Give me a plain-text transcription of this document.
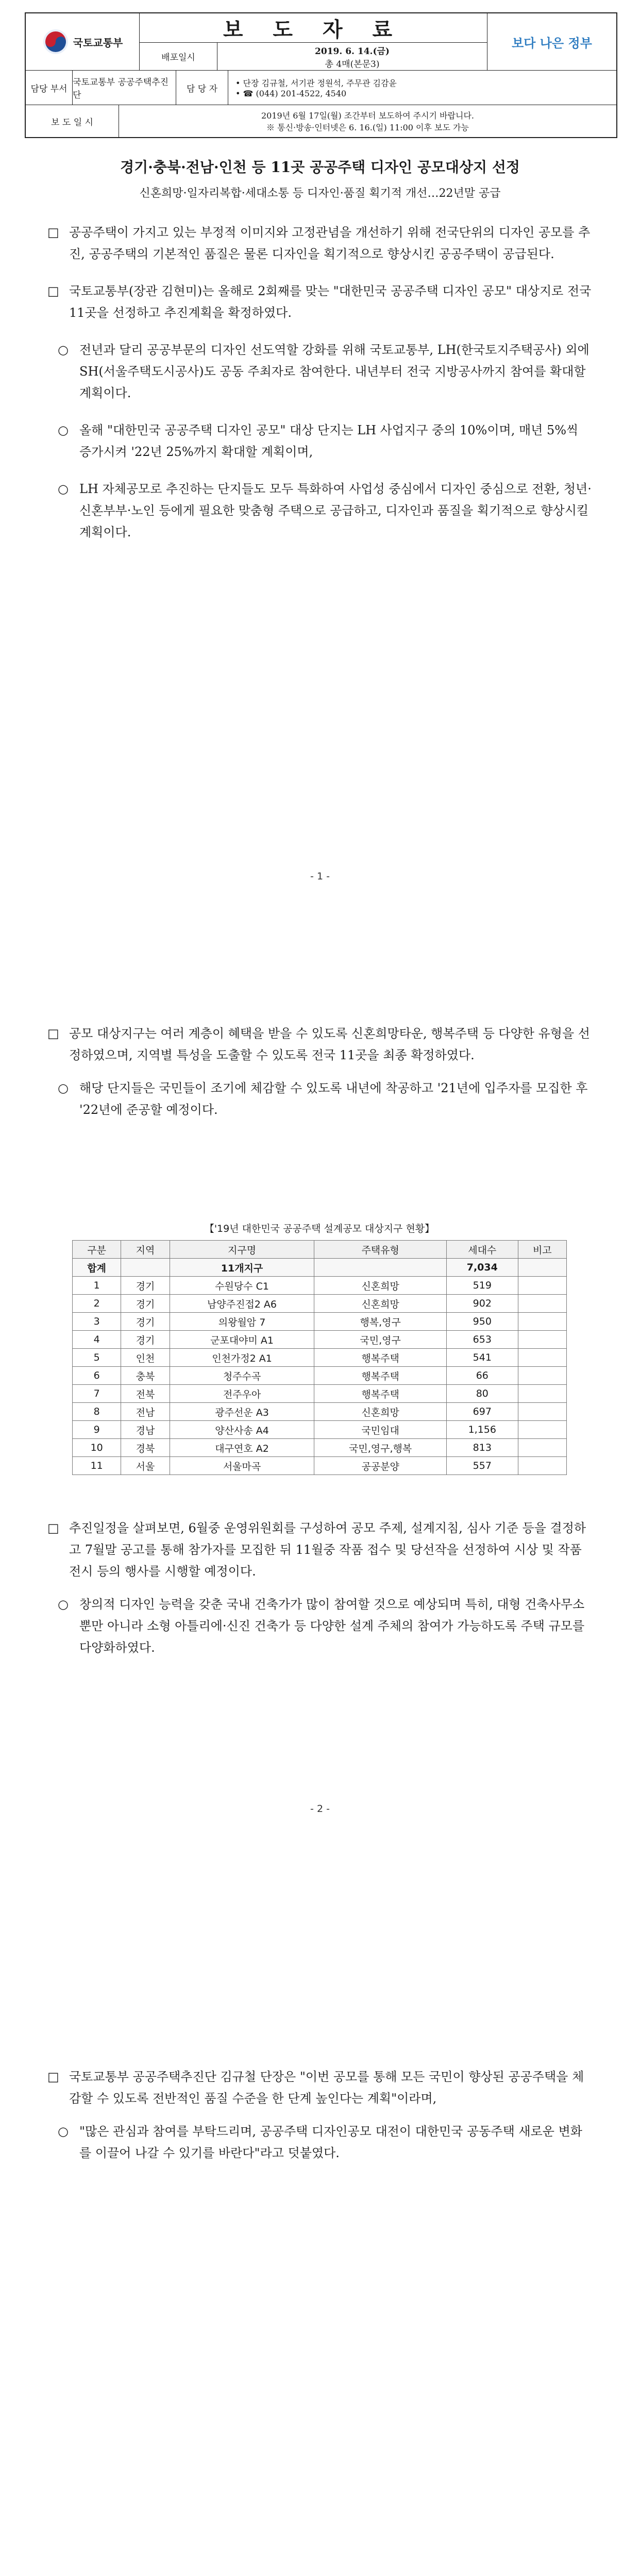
국토교통부
보 도 자 료
배포일시
2019. 6. 14.(금)
총 4매(본문3)
보다 나은 정부
담당 부서
국토교통부 공공주택추진단
담 당 자
• 단장 김규철, 서기관 정원석, 주무관 김감윤
• ☎ (044) 201-4522, 4540
보 도 일 시
2019년 6월 17일(월) 조간부터 보도하여 주시기 바랍니다.
※ 통신·방송·인터넷은 6. 16.(일) 11:00 이후 보도 가능
경기·충북·전남·인천 등 11곳 공공주택 디자인 공모대상지 선정
신혼희망·일자리복합·세대소통 등 디자인·품질 획기적 개선…22년말 공급
□ 공공주택이 가지고 있는 부정적 이미지와 고정관념을 개선하기 위해 전국단위의 디자인 공모를 추진, 공공주택의 기본적인 품질은 물론 디자인을 획기적으로 향상시킨 공공주택이 공급된다.
□ 국토교통부(장관 김현미)는 올해로 2회째를 맞는 "대한민국 공공주택 디자인 공모" 대상지로 전국 11곳을 선정하고 추진계획을 확정하였다.
○ 전년과 달리 공공부문의 디자인 선도역할 강화를 위해 국토교통부, LH(한국토지주택공사) 외에 SH(서울주택도시공사)도 공동 주최자로 참여한다. 내년부터 전국 지방공사까지 참여를 확대할 계획이다.
○ 올해 "대한민국 공공주택 디자인 공모" 대상 단지는 LH 사업지구 중의 10%이며, 매년 5%씩 증가시켜 '22년 25%까지 확대할 계획이며,
○ LH 자체공모로 추진하는 단지들도 모두 특화하여 사업성 중심에서 디자인 중심으로 전환, 청년·신혼부부·노인 등에게 필요한 맞춤형 주택으로 공급하고, 디자인과 품질을 획기적으로 향상시킬 계획이다.
- 1 -
□ 공모 대상지구는 여러 계층이 혜택을 받을 수 있도록 신혼희망타운, 행복주택 등 다양한 유형을 선정하였으며, 지역별 특성을 도출할 수 있도록 전국 11곳을 최종 확정하였다.
○ 해당 단지들은 국민들이 조기에 체감할 수 있도록 내년에 착공하고 '21년에 입주자를 모집한 후 '22년에 준공할 예정이다.
【'19년 대한민국 공공주택 설계공모 대상지구 현황】
구분	지역	지구명	주택유형	세대수	비고
합계		11개지구		7,034	
1	경기	수원당수 C1	신혼희망	519	
2	경기	남양주진접2 A6	신혼희망	902	
3	경기	의왕월암 7	행복,영구	950	
4	경기	군포대야미 A1	국민,영구	653	
5	인천	인천가정2 A1	행복주택	541	
6	충북	청주수곡	행복주택	66	
7	전북	전주우아	행복주택	80	
8	전남	광주선운 A3	신혼희망	697	
9	경남	양산사송 A4	국민임대	1,156	
10	경북	대구연호 A2	국민,영구,행복	813	
11	서울	서울마곡	공공분양	557	
□ 추진일정을 살펴보면, 6월중 운영위원회를 구성하여 공모 주제, 설계지침, 심사 기준 등을 결정하고 7월말 공고를 통해 참가자를 모집한 뒤 11월중 작품 접수 및 당선작을 선정하여 시상 및 작품전시 등의 행사를 시행할 예정이다.
○ 창의적 디자인 능력을 갖춘 국내 건축가가 많이 참여할 것으로 예상되며 특히, 대형 건축사무소뿐만 아니라 소형 아틀리에·신진 건축가 등 다양한 설계 주체의 참여가 가능하도록 주택 규모를 다양화하였다.
- 2 -
□ 국토교통부 공공주택추진단 김규철 단장은 "이번 공모를 통해 모든 국민이 향상된 공공주택을 체감할 수 있도록 전반적인 품질 수준을 한 단계 높인다는 계획"이라며,
○ "많은 관심과 참여를 부탁드리며, 공공주택 디자인공모 대전이 대한민국 공동주택 새로운 변화를 이끌어 나갈 수 있기를 바란다"라고 덧붙였다.
